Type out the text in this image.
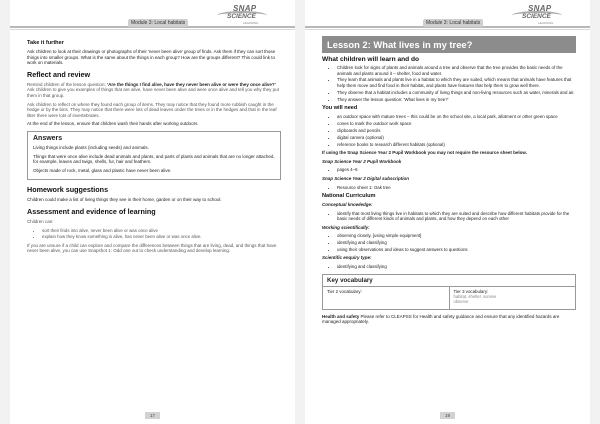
Module 3: Local habitats
SNAP
SCIENCE
LEARNING
Take it further

Ask children to look at their drawings or photographs of their 'never been alive' group of finds. Ask them if they can sort those things into smaller groups. What is the same about the things in each group? How are the groups different? This could link to work on materials.

Reflect and review

Remind children of the lesson question: 'Are the things I find alive, have they never been alive or were they once alive?' Ask children to give you examples of things that are alive, have never been alive and were once alive and tell you why they put them in that group.

Ask children to reflect on where they found each group of items. They may notice that they found more rubbish caught in the hedge or by the bins. They may notice that there were lots of dead leaves under the trees or in the hedges and that in the leaf litter there were lots of invertebrates.

At the end of the lesson, ensure that children wash their hands after working outdoors.

Answers

Living things include plants (including seeds) and animals.

Things that were once alive include dead animals and plants, and parts of plants and animals that are no longer attached, for example, leaves and twigs, shells, fur, hair and feathers.

Objects made of rock, metal, glass and plastic have never been alive.

Homework suggestions

Children could make a list of living things they see in their home, garden or on their way to school.

Assessment and evidence of learning

Children can:

• sort their finds into alive, never been alive or was once alive
• explain how they know something is alive, has never been alive or was once alive.

If you are unsure if a child can explore and compare the differences between things that are living, dead, and things that have never been alive, you can use Snapshot 1: Odd one out to check understanding and develop learning.

17
Module 3: Local habitats
SNAP
SCIENCE
LEARNING
Lesson 2: What lives in my tree?
What children will learn and do
• Children look for signs of plants and animals around a tree and observe that the tree provides the basic needs of the animals and plants around it – shelter, food and water.
• They learn that animals and plants live in a habitat to which they are suited, which means that animals have features that help them move and find food in their habitat, and plants have features that help them to grow well there.
• They observe that a habitat includes a community of living things and non-living resources such as water, minerals and air.
• They answer the lesson question: 'What lives in my tree?'
You will need
• an outdoor space with mature trees – this could be on the school site, a local park, allotment or other green space
• cones to mark the outdoor work space
• clipboards and pencils
• digital camera (optional)
• reference books to research different habitats (optional)

If using the Snap Science Year 2 Pupil Workbook you may not require the resource sheet below.

Snap Science Year 2 Pupil Workbook

• pages 4–6

Snap Science Year 2 Digital subscription

• Resource sheet 1: Oak tree
National Curriculum

Conceptual knowledge:

• identify that most living things live in habitats to which they are suited and describe how different habitats provide for the basic needs of different kinds of animals and plants, and how they depend on each other

Working scientifically:

• observing closely, [using simple equipment]
• identifying and classifying
• using their observations and ideas to suggest answers to questions

Scientific enquiry type:

• identifying and classifying
Key vocabulary
Tier 2 vocabulary:	Tier 3 vocabulary:
habitat, shelter, survive
observe

Health and safety Please refer to CLEAPSS for Health and safety guidance and ensure that any identified hazards are managed appropriately.

19
